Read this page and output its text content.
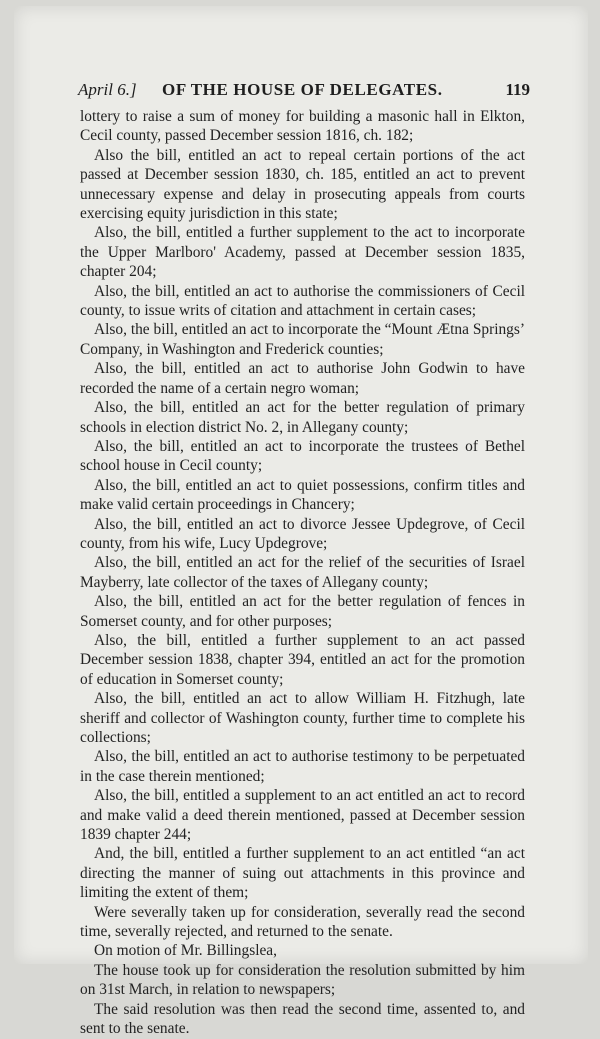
April 6.] OF THE HOUSE OF DELEGATES.	119

lottery to raise a sum of money for building a masonic hall in Elkton, Cecil county, passed December session 1816, ch. 182;

Also the bill, entitled an act to repeal certain portions of the act passed at December session 1830, ch. 185, entitled an act to prevent unnecessary expense and delay in prosecuting appeals from courts exercising equity jurisdiction in this state;

Also, the bill, entitled a further supplement to the act to incorporate the Upper Marlboro' Academy, passed at December session 1835, chapter 204;

Also, the bill, entitled an act to authorise the commissioners of Cecil county, to issue writs of citation and attachment in certain cases;

Also, the bill, entitled an act to incorporate the “Mount Ætna Springs’ Company, in Washington and Frederick counties;

Also, the bill, entitled an act to authorise John Godwin to have recorded the name of a certain negro woman;

Also, the bill, entitled an act for the better regulation of primary schools in election district No. 2, in Allegany county;

Also, the bill, entitled an act to incorporate the trustees of Bethel school house in Cecil county;

Also, the bill, entitled an act to quiet possessions, confirm titles and make valid certain proceedings in Chancery;

Also, the bill, entitled an act to divorce Jessee Updegrove, of Cecil county, from his wife, Lucy Updegrove;

Also, the bill, entitled an act for the relief of the securities of Israel Mayberry, late collector of the taxes of Allegany county;

Also, the bill, entitled an act for the better regulation of fences in Somerset county, and for other purposes;

Also, the bill, entitled a further supplement to an act passed December session 1838, chapter 394, entitled an act for the promotion of education in Somerset county;

Also, the bill, entitled an act to allow William H. Fitzhugh, late sheriff and collector of Washington county, further time to complete his collections;

Also, the bill, entitled an act to authorise testimony to be perpetuated in the case therein mentioned;

Also, the bill, entitled a supplement to an act entitled an act to record and make valid a deed therein mentioned, passed at December session 1839 chapter 244;

And, the bill, entitled a further supplement to an act entitled “an act directing the manner of suing out attachments in this province and limiting the extent of them;

Were severally taken up for consideration, severally read the second time, severally rejected, and returned to the senate.

On motion of Mr. Billingslea,

The house took up for consideration the resolution submitted by him on 31st March, in relation to newspapers;

The said resolution was then read the second time, assented to, and sent to the senate.
